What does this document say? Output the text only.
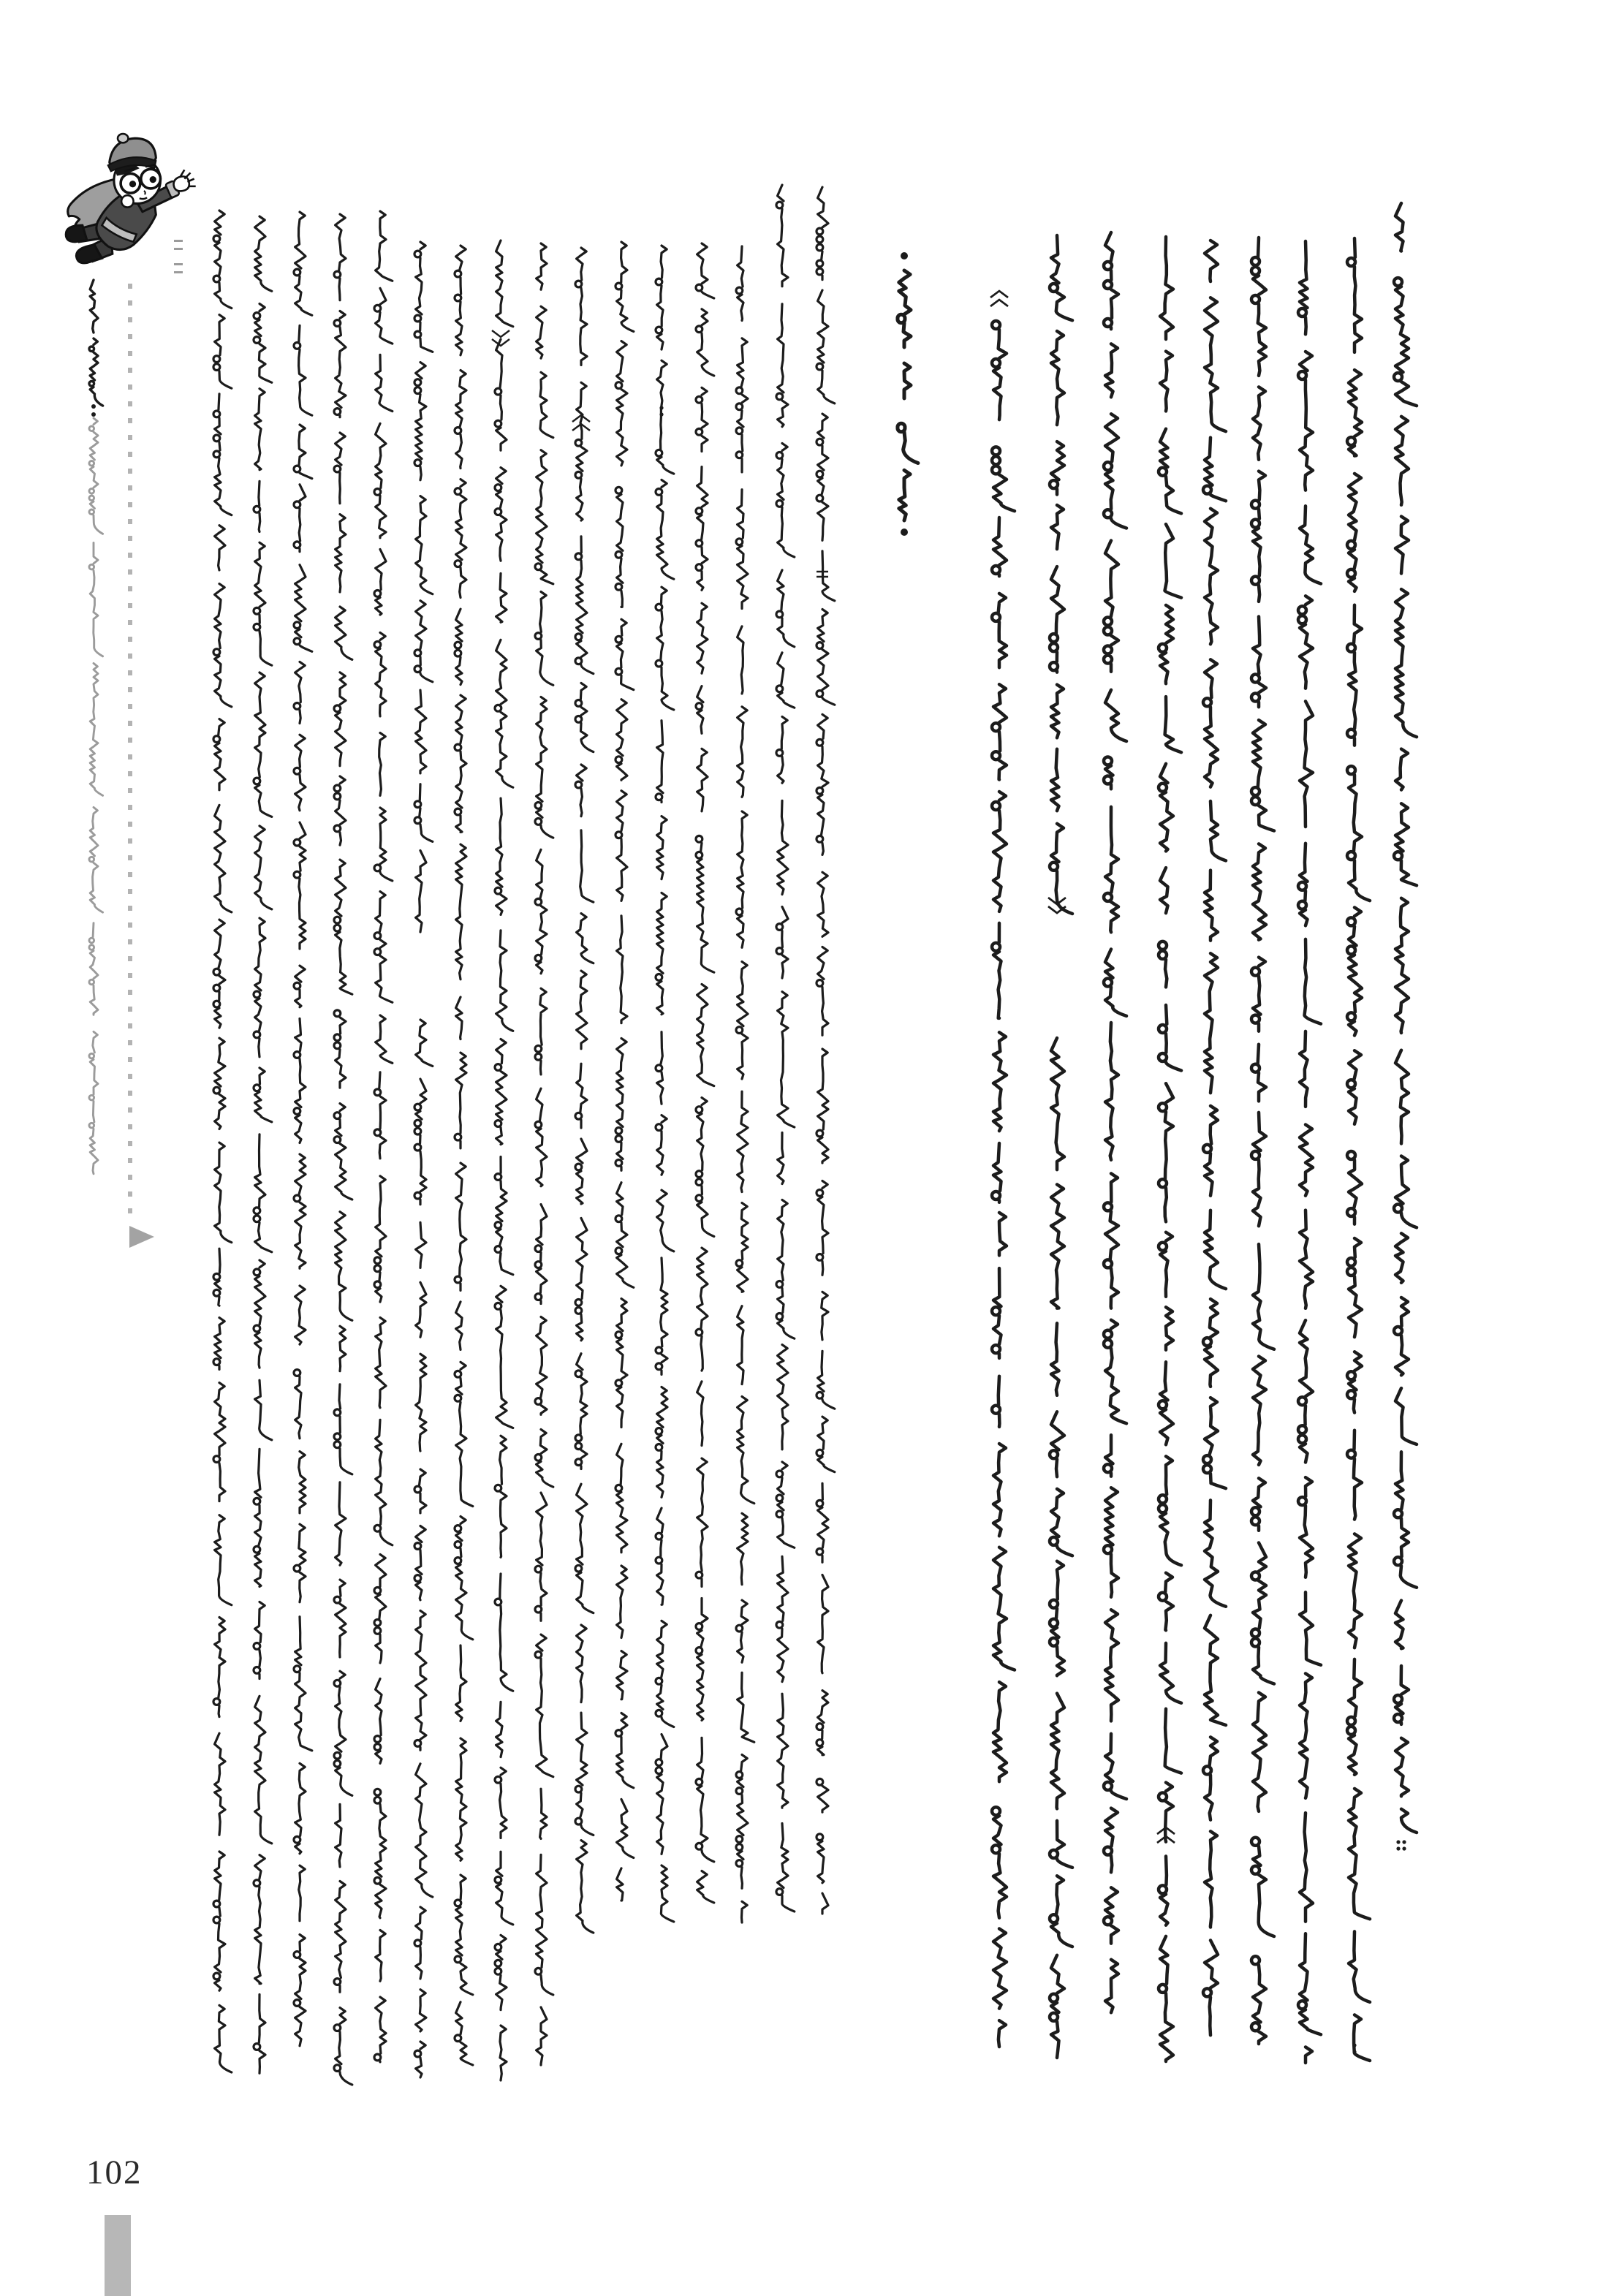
102
